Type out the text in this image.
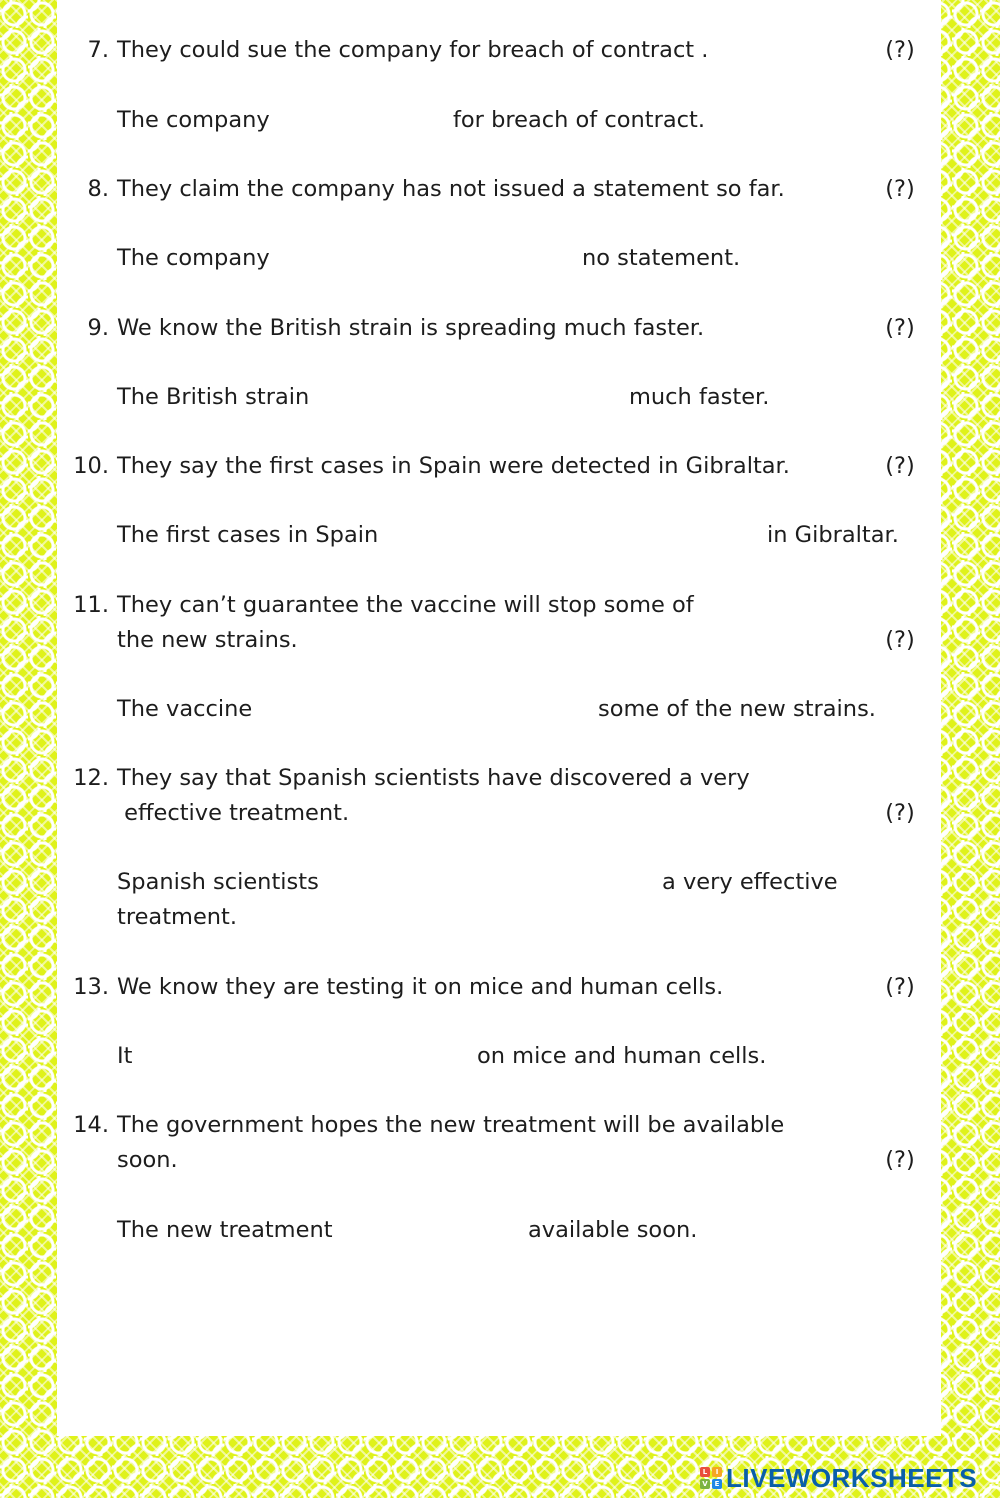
7. They could sue the company for breach of contract .	(?)
The company	for breach of contract.
8. They claim the company has not issued a statement so far.	(?)
The company	no statement.
9. We know the British strain is spreading much faster.	(?)
The British strain	much faster.
10. They say the first cases in Spain were detected in Gibraltar.	(?)
The first cases in Spain	in Gibraltar.
11. They can’t guarantee the vaccine will stop some of
the new strains.	(?)
The vaccine	some of the new strains.
12. They say that Spanish scientists have discovered a very
effective treatment.	(?)
Spanish scientists	a very effective
treatment.
13. We know they are testing it on mice and human cells.	(?)
It	on mice and human cells.
14. The government hopes the new treatment will be available
soon.	(?)
The new treatment	available soon.
L	I
V E LIVEWORKSHEETS
